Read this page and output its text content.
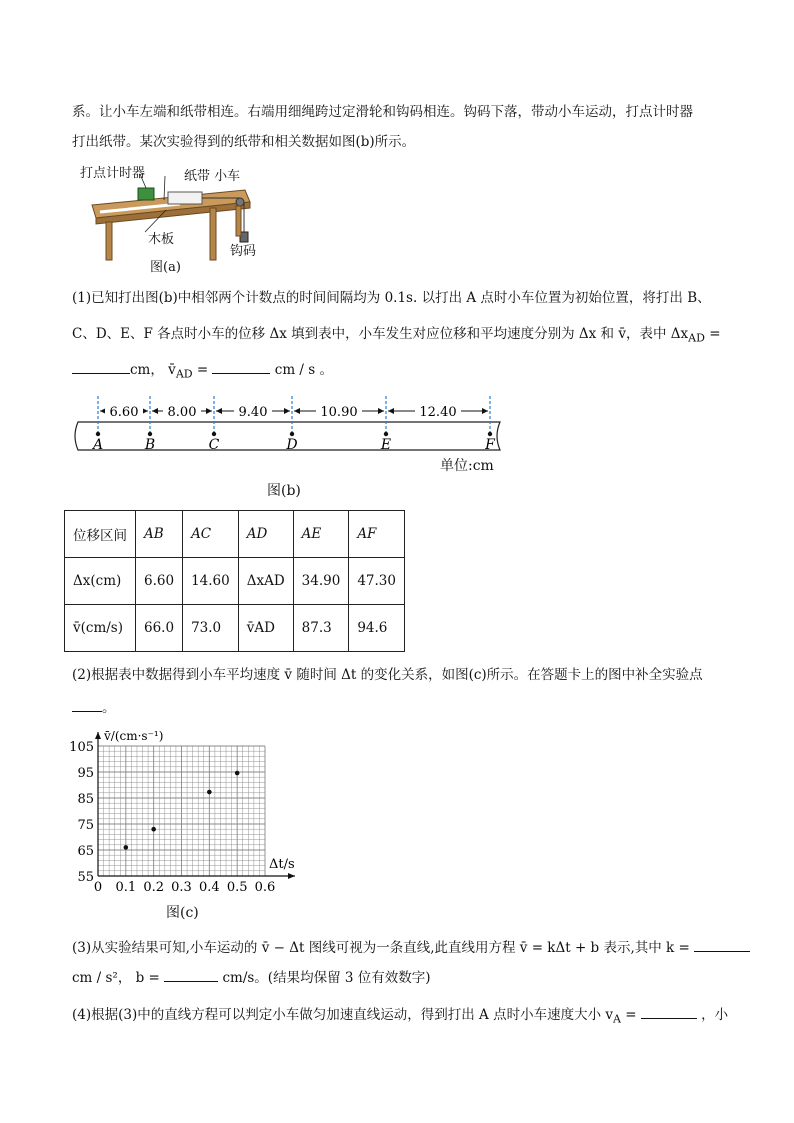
系。让小车左端和纸带相连。右端用细绳跨过定滑轮和钩码相连。钩码下落，带动小车运动，打点计时器
打出纸带。某次实验得到的纸带和相关数据如图(b)所示。
打点计时器	纸带 小车
木板
钩码
图(a)
(1)已知打出图(b)中相邻两个计数点的时间间隔均为 0.1s. 以打出 A 点时小车位置为初始位置，将打出 B、
C、D、E、F 各点时小车的位移 Δx 填到表中，小车发生对应位移和平均速度分别为 Δx 和 v̄，表中 $\Delta x_{AD}$ =
cm， $v̄_{AD}$ =	cm / s 。
A	B	C	D	E	F
6.60 8.00	9.40	10.90	12.40
单位:cm
图(b)
位移区间	AB	AC	AD	AE	AF
Δx(cm)	6.60	14.60	ΔxAD	34.90	47.30
v̄(cm/s)	66.0	73.0	v̄AD	87.3	94.6
(2)根据表中数据得到小车平均速度 v̄ 随时间 Δt 的变化关系，如图(c)所示。在答题卡上的图中补全实验点
。
0 0.1 0.2 0.3 0.4 0.5 0.6
55
65
75
85
95
105
Δt/s
v̄/(cm·s⁻¹)
图(c)
(3)从实验结果可知,小车运动的 v̄ − Δt 图线可视为一条直线,此直线用方程 v̄ = kΔt + b 表示,其中 k =
cm / s²， b =	cm/s。(结果均保留 3 位有效数字)
(4)根据(3)中的直线方程可以判定小车做匀加速直线运动，得到打出 A 点时小车速度大小 $v_A$ =	，小
